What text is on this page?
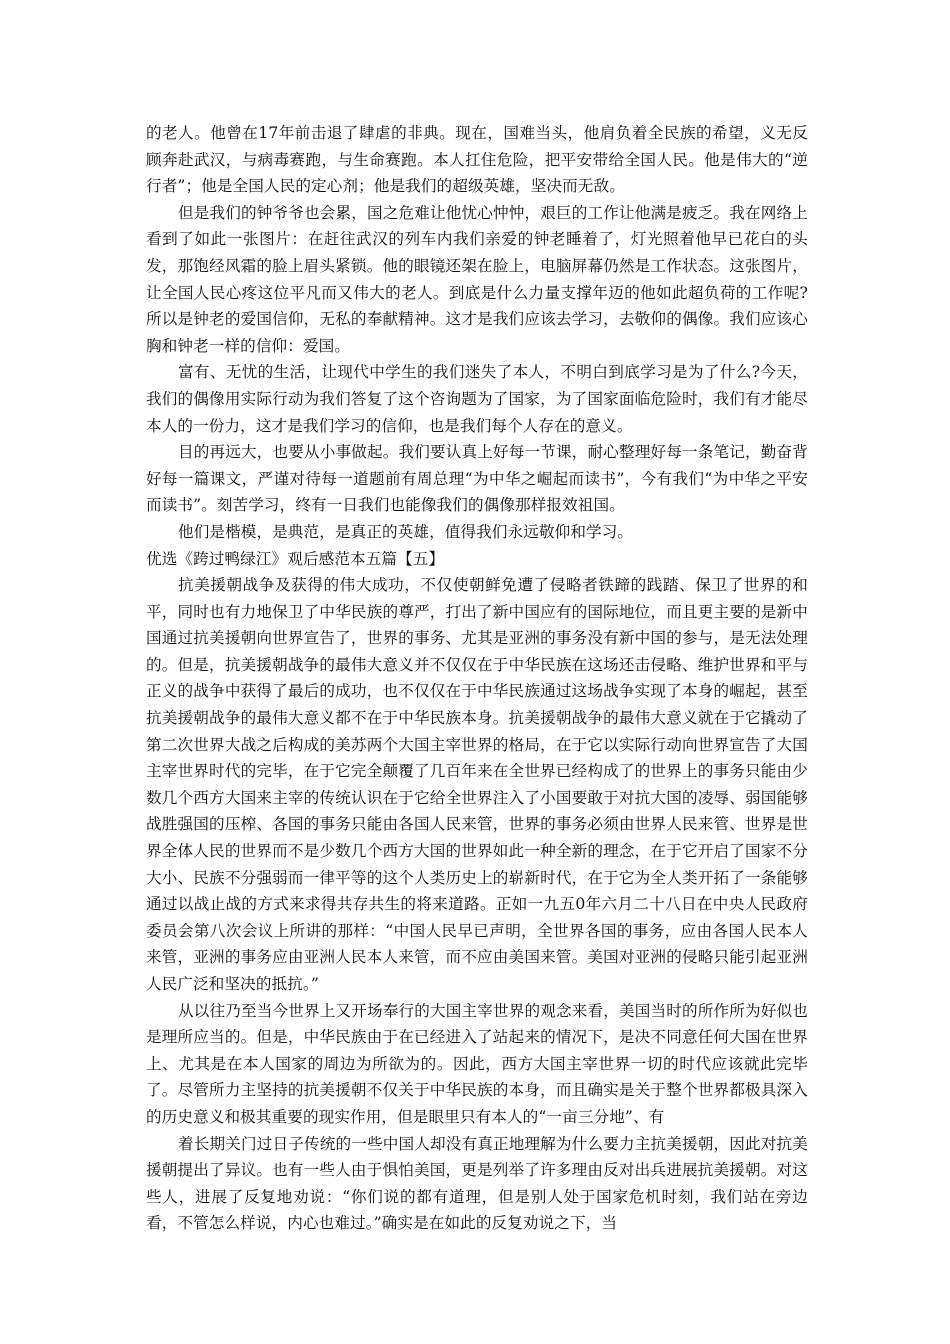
的老人。他曾在17年前击退了肆虐的非典。现在，国难当头，他肩负着全民族的希望，义无反顾奔赴武汉，与病毒赛跑，与生命赛跑。本人扛住危险，把平安带给全国人民。他是伟大的“逆行者”；他是全国人民的定心剂；他是我们的超级英雄，坚决而无敌。

但是我们的钟爷爷也会累，国之危难让他忧心忡忡，艰巨的工作让他满是疲乏。我在网络上看到了如此一张图片：在赶往武汉的列车内我们亲爱的钟老睡着了，灯光照着他早已花白的头发，那饱经风霜的脸上眉头紧锁。他的眼镜还架在脸上，电脑屏幕仍然是工作状态。这张图片，让全国人民心疼这位平凡而又伟大的老人。到底是什么力量支撑年迈的他如此超负荷的工作呢?所以是钟老的爱国信仰，无私的奉献精神。这才是我们应该去学习，去敬仰的偶像。我们应该心胸和钟老一样的信仰：爱国。

富有、无忧的生活，让现代中学生的我们迷失了本人，不明白到底学习是为了什么?今天，我们的偶像用实际行动为我们答复了这个咨询题为了国家，为了国家面临危险时，我们有才能尽本人的一份力，这才是我们学习的信仰，也是我们每个人存在的意义。

目的再远大，也要从小事做起。我们要认真上好每一节课，耐心整理好每一条笔记，勤奋背好每一篇课文，严谨对待每一道题前有周总理“为中华之崛起而读书”，今有我们“为中华之平安而读书”。刻苦学习，终有一日我们也能像我们的偶像那样报效祖国。

他们是楷模，是典范，是真正的英雄，值得我们永远敬仰和学习。

优选《跨过鸭绿江》观后感范本五篇【五】

抗美援朝战争及获得的伟大成功，不仅使朝鲜免遭了侵略者铁蹄的践踏、保卫了世界的和平，同时也有力地保卫了中华民族的尊严，打出了新中国应有的国际地位，而且更主要的是新中国通过抗美援朝向世界宣告了，世界的事务、尤其是亚洲的事务没有新中国的参与，是无法处理的。但是，抗美援朝战争的最伟大意义并不仅仅在于中华民族在这场还击侵略、维护世界和平与正义的战争中获得了最后的成功，也不仅仅在于中华民族通过这场战争实现了本身的崛起，甚至抗美援朝战争的最伟大意义都不在于中华民族本身。抗美援朝战争的最伟大意义就在于它撬动了第二次世界大战之后构成的美苏两个大国主宰世界的格局，在于它以实际行动向世界宣告了大国主宰世界时代的完毕，在于它完全颠覆了几百年来在全世界已经构成了的世界上的事务只能由少数几个西方大国来主宰的传统认识在于它给全世界注入了小国要敢于对抗大国的凌辱、弱国能够战胜强国的压榨、各国的事务只能由各国人民来管，世界的事务必须由世界人民来管、世界是世界全体人民的世界而不是少数几个西方大国的世界如此一种全新的理念，在于它开启了国家不分大小、民族不分强弱而一律平等的这个人类历史上的崭新时代，在于它为全人类开拓了一条能够通过以战止战的方式来求得共存共生的将来道路。正如一九五0年六月二十八日在中央人民政府委员会第八次会议上所讲的那样：“中国人民早已声明，全世界各国的事务，应由各国人民本人来管，亚洲的事务应由亚洲人民本人来管，而不应由美国来管。美国对亚洲的侵略只能引起亚洲人民广泛和坚决的抵抗。”

从以往乃至当今世界上又开场奉行的大国主宰世界的观念来看，美国当时的所作所为好似也是理所应当的。但是，中华民族由于在已经进入了站起来的情况下，是决不同意任何大国在世界上、尤其是在本人国家的周边为所欲为的。因此，西方大国主宰世界一切的时代应该就此完毕了。尽管所力主坚持的抗美援朝不仅关于中华民族的本身，而且确实是关于整个世界都极具深入的历史意义和极其重要的现实作用，但是眼里只有本人的“一亩三分地”、有

着长期关门过日子传统的一些中国人却没有真正地理解为什么要力主抗美援朝，因此对抗美援朝提出了异议。也有一些人由于惧怕美国，更是列举了许多理由反对出兵进展抗美援朝。对这些人，进展了反复地劝说：“你们说的都有道理，但是别人处于国家危机时刻，我们站在旁边看，不管怎么样说，内心也难过。”确实是在如此的反复劝说之下，当
